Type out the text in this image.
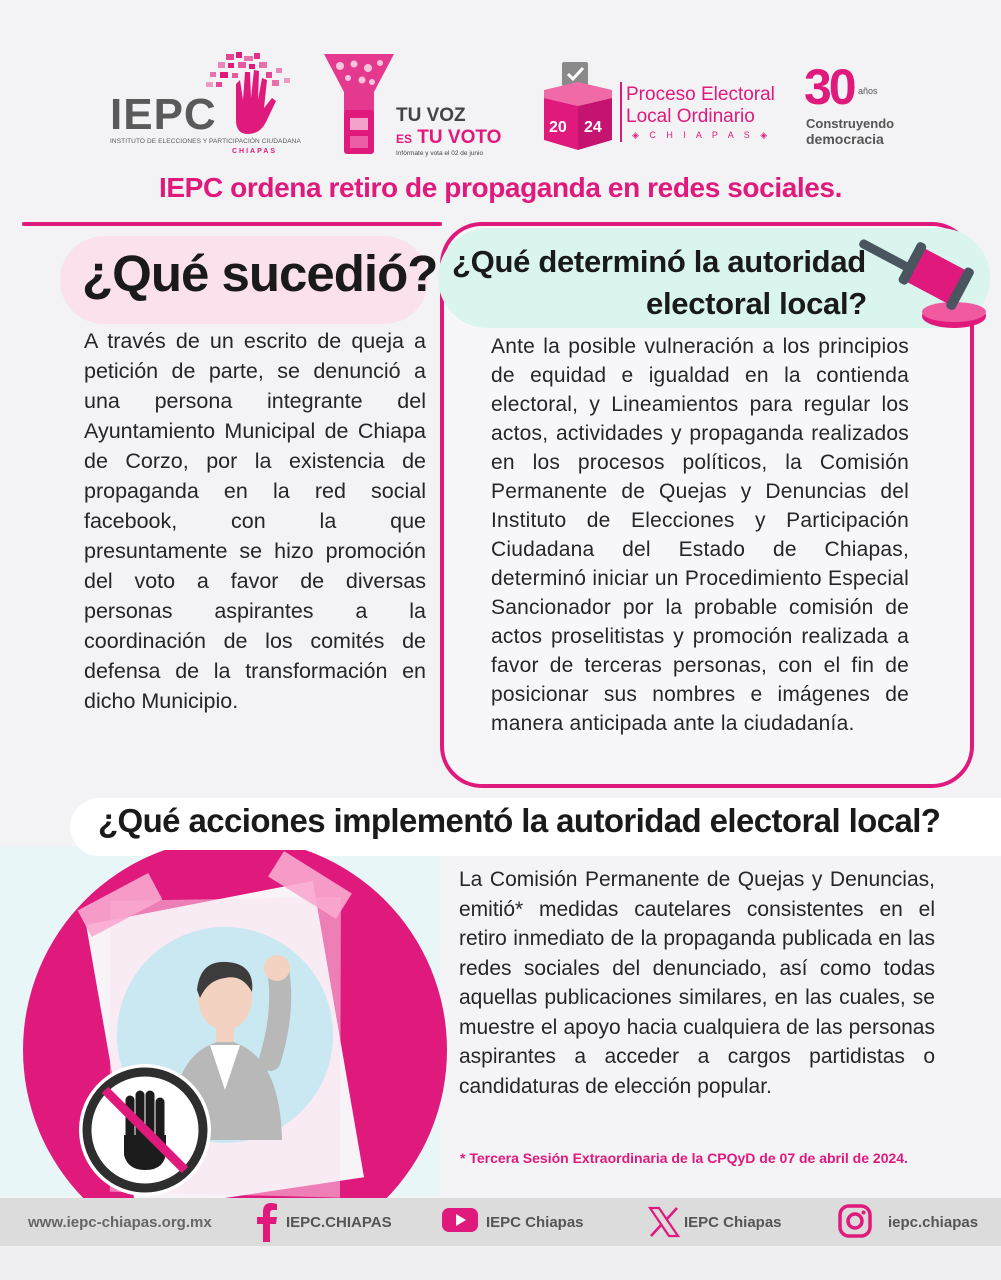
IEPC
INSTITUTO DE ELECCIONES Y PARTICIPACIÓN CIUDADANA
CHIAPAS
TU VOZ
ES TU VOTO
Infórmate y vota el 02 de junio
20 24
Proceso Electoral
Local Ordinario
◈ C H I A P A S ◈
30 años
Construyendo
democracia
IEPC ordena retiro de propaganda en redes sociales.
¿Qué sucedió?

A través de un escrito de queja a petición de parte, se denunció a una persona integrante del Ayuntamiento Municipal de Chiapa de Corzo, por la existencia de propaganda en la red social facebook, con la que presuntamente se hizo promoción del voto a favor de diversas personas aspirantes a la coordinación de los comités de defensa de la transformación en dicho Municipio.

¿Qué determinó la autoridad
electoral local?

Ante la posible vulneración a los principios de equidad e igualdad en la contienda electoral, y Lineamientos para regular los actos, actividades y propaganda realizados en los procesos políticos, la Comisión Permanente de Quejas y Denuncias del Instituto de Elecciones y Participación Ciudadana del Estado de Chiapas, determinó iniciar un Procedimiento Especial Sancionador por la probable comisión de actos proselitistas y promoción realizada a favor de terceras personas, con el fin de posicionar sus nombres e imágenes de manera anticipada ante la ciudadanía.

¿Qué acciones implementó la autoridad electoral local?

La Comisión Permanente de Quejas y Denuncias, emitió* medidas cautelares consistentes en el retiro inmediato de la propaganda publicada en las redes sociales del denunciado, así como todas aquellas publicaciones similares, en las cuales, se muestre el apoyo hacia cualquiera de las personas aspirantes a acceder a cargos partidistas o candidaturas de elección popular.

* Tercera Sesión Extraordinaria de la CPQyD de 07 de abril de 2024.
www.iepc-chiapas.org.mx	IEPC.CHIAPAS	IEPC Chiapas	IEPC Chiapas	iepc.chiapas
